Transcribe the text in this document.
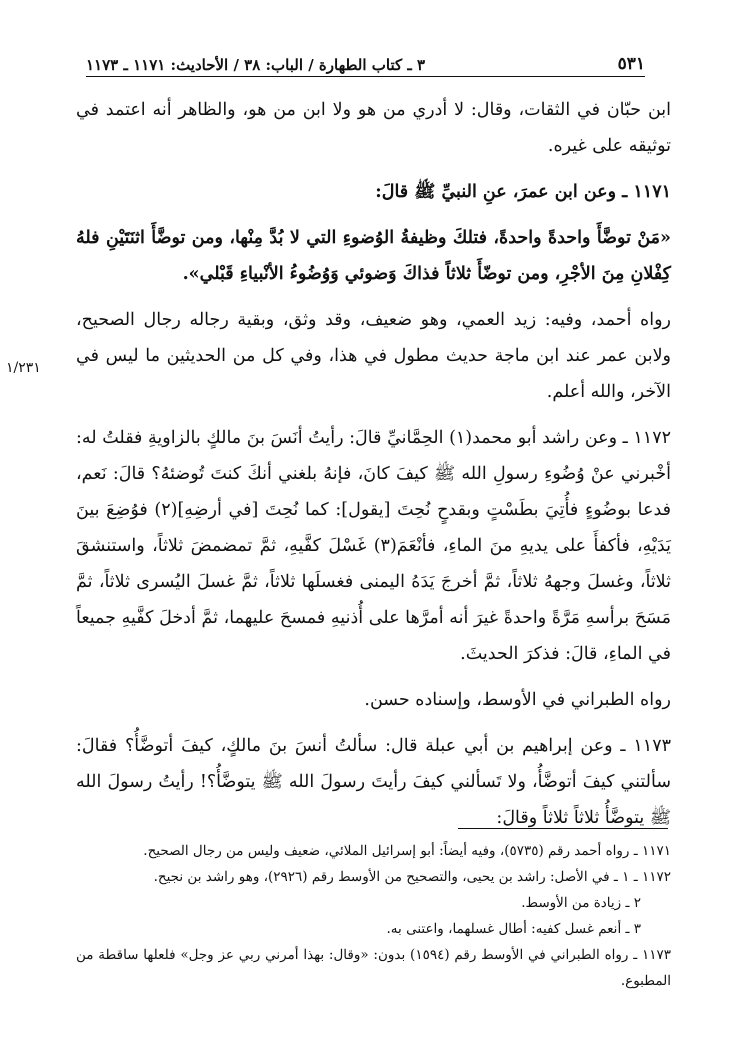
٥٣١
٣ ـ كتاب الطهارة / الباب: ٣٨ / الأحاديث: ١١٧١ ـ ١١٧٣
١/٢٣١

ابن حبّان في الثقات، وقال: لا أدري من هو ولا ابن من هو، والظاهر أنه اعتمد في توثيقه على غيره.

١١٧١ ـ وعن ابن عمرَ، عنِ النبيِّ ﷺ قالَ:

«مَنْ توضَّأَ واحدةً واحدةً، فتلكَ وظيفةُ الوُضوءِ التي لا بُدَّ مِنْها، ومن توضَّأَ اثنَتَيْنِ فلهُ كِفْلانِ مِنَ الأجْرِ، ومن توضّأَ ثلاثاً فذاكَ وَضوئي وَوُضُوءُ الأنْبياءِ قَبْلي».

رواه أحمد، وفيه: زيد العمي، وهو ضعيف، وقد وثق، وبقية رجاله رجال الصحيح، ولابن عمر عند ابن ماجة حديث مطول في هذا، وفي كل من الحديثين ما ليس في الآخر، والله أعلم.

١١٧٢ ـ وعن راشد أبو محمد(١) الحِمَّانيِّ قالَ: رأيتُ أنَسَ بنَ مالكٍ بالزاويةِ فقلتُ له: أخْبرني عنْ وُضُوءِ رسولِ الله ﷺ كيفَ كانَ، فإنهُ بلغني أنكَ كنتَ تُوضئهُ؟ قالَ: نَعم، فدعا بوضُوءٍ فأُتِيَ بطَسْتٍ وبقدحٍ نُحِتَ [يقول]: كما نُحِتَ [في أرضِهِ](٢) فوُضِعَ بينَ يَدَيْهِ، فأكفأَ على يديهِ منَ الماءِ، فأنْعَمَ(٣) غَسْلَ كفَّيهِ، ثمَّ تمضمضَ ثلاثاً، واستنشقَ ثلاثاً، وغسلَ وجههُ ثلاثاً، ثمَّ أخرجَ يَدَهُ اليمنى فغسلَها ثلاثاً، ثمَّ غسلَ اليُسرى ثلاثاً، ثمَّ مَسَحَ برأسهِ مَرَّةً واحدةً غيرَ أنه أمرَّها على أُذنيهِ فمسحَ عليهما، ثمَّ أدخلَ كفَّيهِ جميعاً في الماءِ، قالَ: فذكرَ الحديثَ.

رواه الطبراني في الأوسط، وإسناده حسن.

١١٧٣ ـ وعن إبراهيم بن أبي عبلة قال: سألتُ أنسَ بنَ مالكٍ، كيفَ أتوضَّأُ؟ فقالَ: سألتني كيفَ أتوضَّأُ، ولا تَسألني كيفَ رأيتَ رسولَ الله ﷺ يتوضَّأُ؟! رأيتُ رسولَ الله ﷺ يتوضَّأُ ثلاثاً ثلاثاً وقالَ:

١١٧١ ـ رواه أحمد رقم (٥٧٣٥)، وفيه أيضاً: أبو إسرائيل الملائي، ضعيف وليس من رجال الصحيح.

١١٧٢ ـ ١ ـ في الأصل: راشد بن يحيى، والتصحيح من الأوسط رقم (٢٩٢٦)، وهو راشد بن نجيح.

٢ ـ زيادة من الأوسط.

٣ ـ أنعم غسل كفيه: أطال غسلهما، واعتنى به.

١١٧٣ ـ رواه الطبراني في الأوسط رقم (١٥٩٤) بدون: «وقال: بهذا أمرني ربي عز وجل» فلعلها ساقطة من المطبوع.
